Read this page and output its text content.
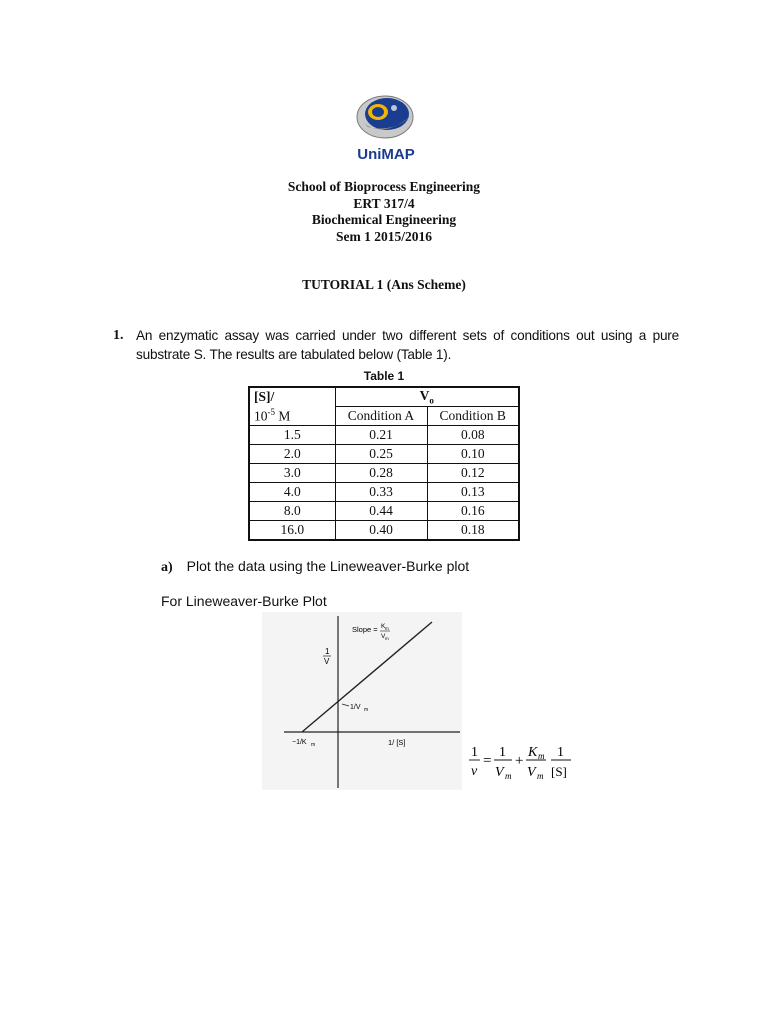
UniMAP
School of Bioprocess Engineering
ERT 317/4
Biochemical Engineering
Sem 1 2015/2016
TUTORIAL 1 (Ans Scheme)
1. An enzymatic assay was carried under two different sets of conditions out using a pure substrate S. The results are tabulated below (Table 1).
Table 1
[S]/	$V_o$
$10^{-5}$ M	Condition A	Condition B
1.5	0.21	0.08
2.0	0.25	0.10
3.0	0.28	0.12
4.0	0.33	0.13
8.0	0.44	0.16
16.0	0.40	0.18
a) Plot the data using the Lineweaver-Burke plot
For Lineweaver-Burke Plot
Slope = K m
V m
1
V
1/V m
−1/K m	1/ [S]
1
v
=
1
V m
+
K m
V m
1
[S]
